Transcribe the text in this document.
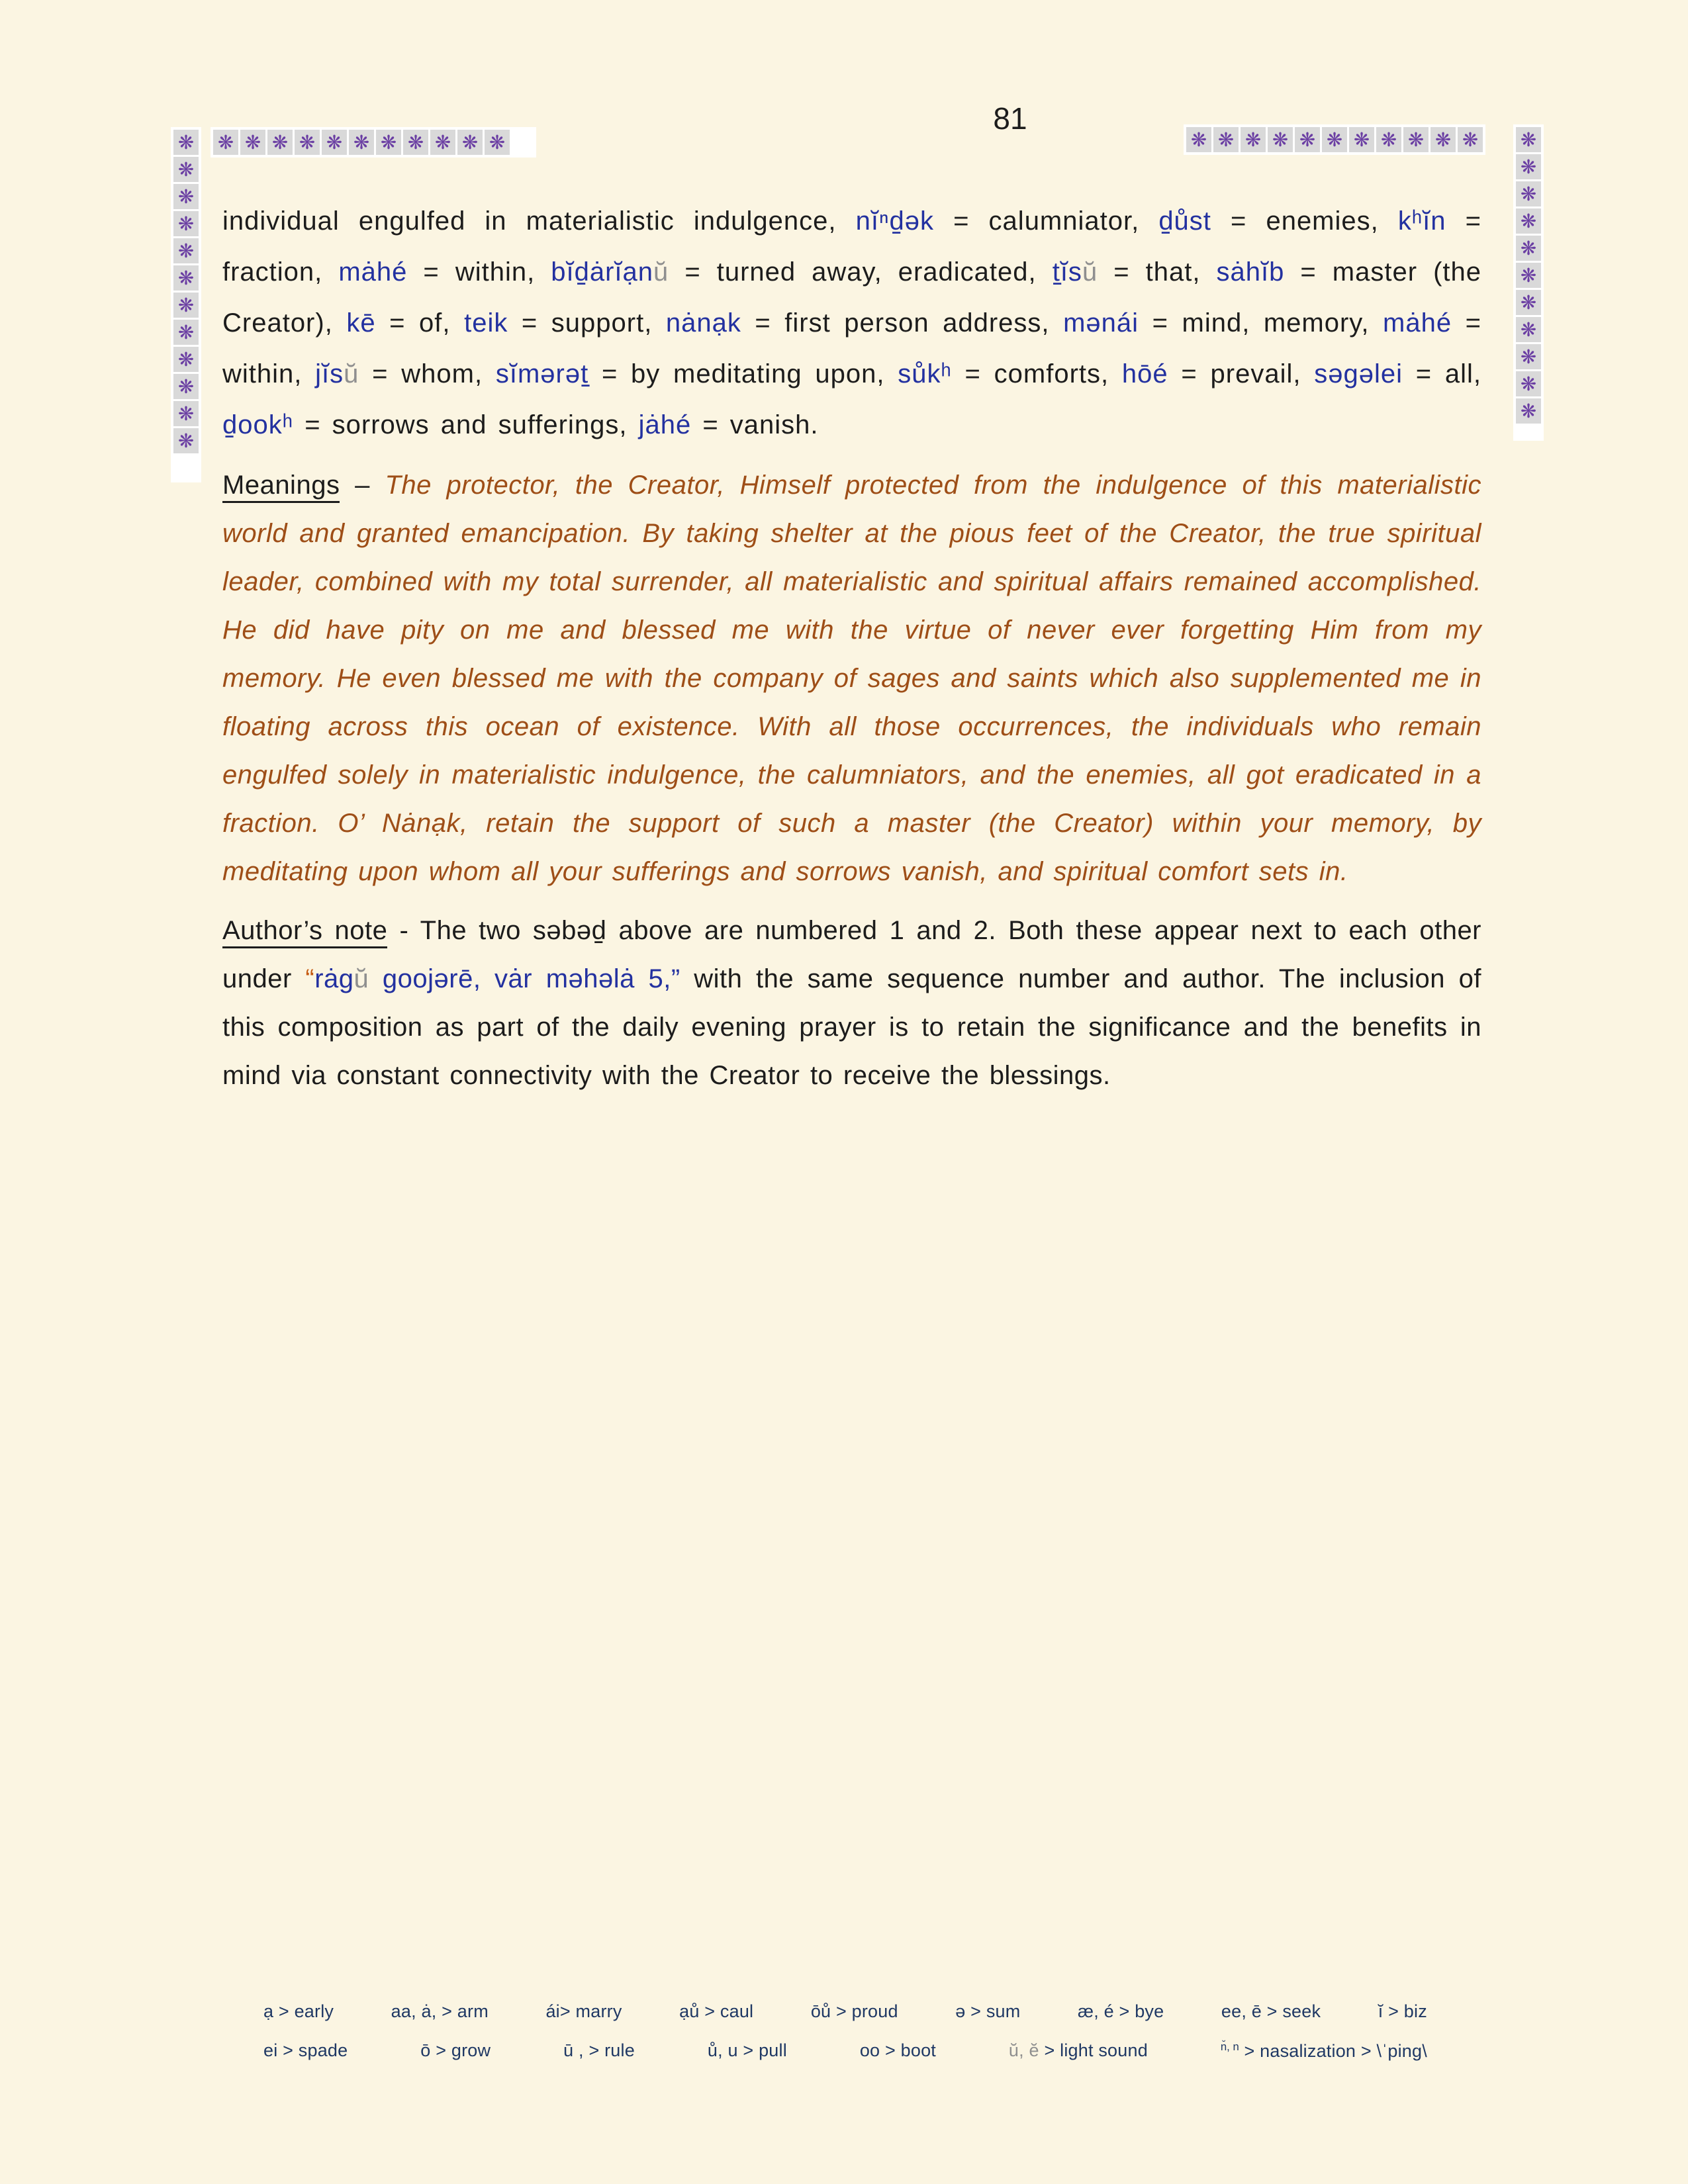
81
❋
❋
❋
❋
❋
❋
❋
❋
❋
❋
❋
❋
❋ ❋ ❋ ❋ ❋ ❋ ❋ ❋ ❋ ❋ ❋	❋ ❋ ❋ ❋ ❋ ❋ ❋ ❋ ❋ ❋ ❋ ❋
❋
❋
❋
❋
❋
❋
❋
❋
❋
❋

individual engulfed in materialistic indulgence, nĭⁿd̠ək = calumniator, d̠ůst = enemies, kʰĭn = fraction, mȧhé = within, bĭd̠ȧrĭạnŭ = turned away, eradicated, t̠ĭsŭ = that, sȧhĭb = master (the Creator), kē = of, teik = support, nȧnạk = first person address, mənái = mind, memory, mȧhé = within, jĭsŭ = whom, sĭmərət̠ = by meditating upon, sůkʰ = comforts, hōé = prevail, səgəlei = all, d̠ookʰ = sorrows and sufferings, jȧhé = vanish.

Meanings – The protector, the Creator, Himself protected from the indulgence of this materialistic world and granted emancipation. By taking shelter at the pious feet of the Creator, the true spiritual leader, combined with my total surrender, all materialistic and spiritual affairs remained accomplished. He did have pity on me and blessed me with the virtue of never ever forgetting Him from my memory. He even blessed me with the company of sages and saints which also supplemented me in floating across this ocean of existence. With all those occurrences, the individuals who remain engulfed solely in materialistic indulgence, the calumniators, and the enemies, all got eradicated in a fraction. O’ Nȧnạk, retain the support of such a master (the Creator) within your memory, by meditating upon whom all your sufferings and sorrows vanish, and spiritual comfort sets in.

Author’s note - The two səbəd̠ above are numbered 1 and 2. Both these appear next to each other under “rȧgŭ goojərē, vȧr məhəlȧ 5,” with the same sequence number and author. The inclusion of this composition as part of the daily evening prayer is to retain the significance and the benefits in mind via constant connectivity with the Creator to receive the blessings.

ạ > early	aa, ȧ, > arm	ái> marry	ạů > caul	ōů > proud	ə > sum	æ, é > bye	ee, ē > seek	ĭ > biz
ei > spade	ō > grow	ū , > rule	ů, u > pull	oo > boot	ŭ, ĕ > light sound	$^{n̆, n}$ > nasalization > \ˈping\
